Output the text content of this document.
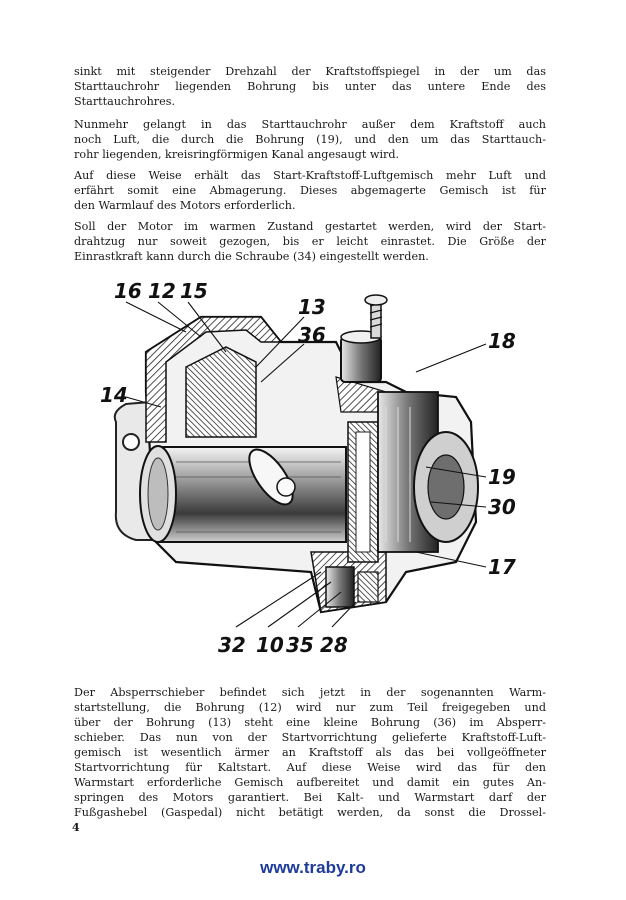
sinkt mit steigender Drehzahl der Kraftstoffspiegel in der um das
Starttauchrohr liegenden Bohrung bis unter das untere Ende des
Starttauchrohres.
Nunmehr gelangt in das Starttauchrohr außer dem Kraftstoff auch
noch Luft, die durch die Bohrung (19), und den um das Starttauch-
rohr liegenden, kreisringförmigen Kanal angesaugt wird.
Auf diese Weise erhält das Start-Kraftstoff-Luftgemisch mehr Luft und
erfährt somit eine Abmagerung. Dieses abgemagerte Gemisch ist für
den Warmlauf des Motors erforderlich.
Soll der Motor im warmen Zustand gestartet werden, wird der Start-
drahtzug nur soweit gezogen, bis er leicht einrastet. Die Größe der
Einrastkraft kann durch die Schraube (34) eingestellt werden.
16 12 15
13
36
14
18
19
30
17
32 10 35 28
Der Absperrschieber befindet sich jetzt in der sogenannten Warm-
startstellung, die Bohrung (12) wird nur zum Teil freigegeben und
über der Bohrung (13) steht eine kleine Bohrung (36) im Absperr-
schieber. Das nun von der Startvorrichtung gelieferte Kraftstoff-Luft-
gemisch ist wesentlich ärmer an Kraftstoff als das bei vollgeöffneter
Startvorrichtung für Kaltstart. Auf diese Weise wird das für den
Warmstart erforderliche Gemisch aufbereitet und damit ein gutes An-
springen des Motors garantiert. Bei Kalt- und Warmstart darf der
Fußgashebel (Gaspedal) nicht betätigt werden, da sonst die Drossel-
4
www.traby.ro
